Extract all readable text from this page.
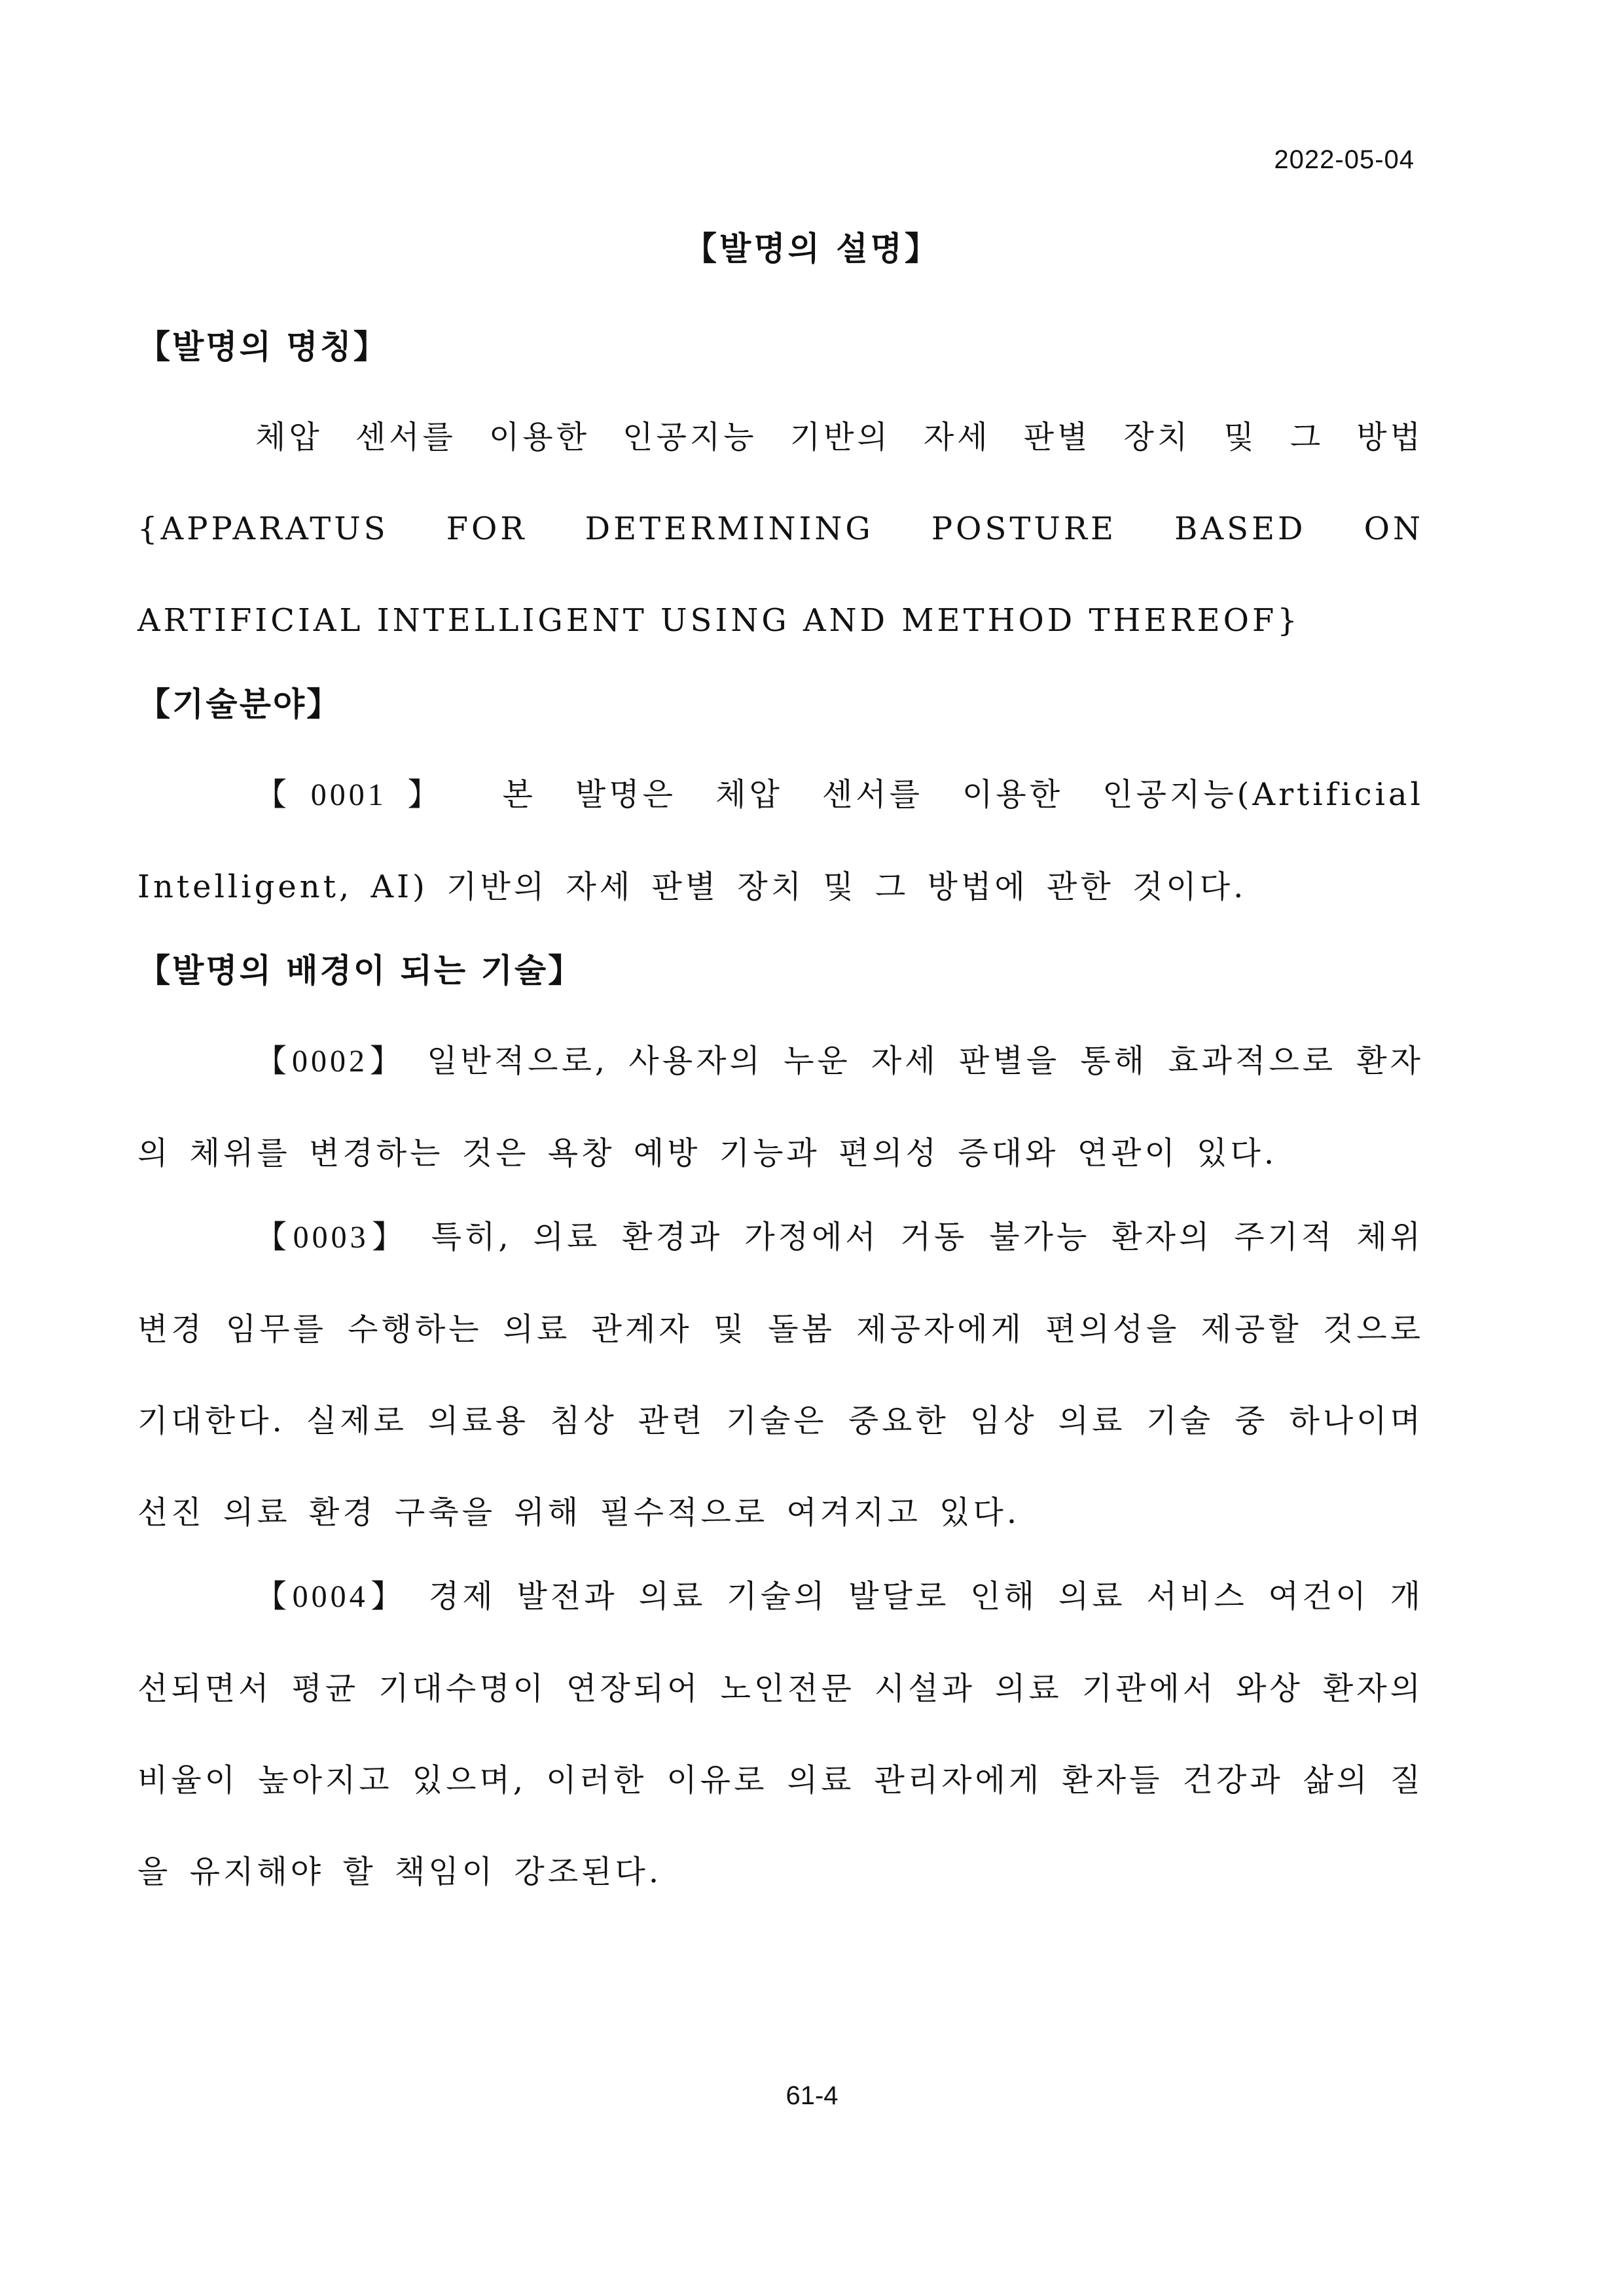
2022-05-04
【발명의 설명】
【발명의 명칭】

체압 센서를 이용한 인공지능 기반의 자세 판별 장치 및 그 방법{APPARATUS FOR DETERMINING POSTURE BASED ON ARTIFICIAL INTELLIGENT USING AND METHOD THEREOF}

【기술분야】

【0001】 본 발명은 체압 센서를 이용한 인공지능(Artificial Intelligent, AI) 기반의 자세 판별 장치 및 그 방법에 관한 것이다.

【발명의 배경이 되는 기술】

【0002】 일반적으로, 사용자의 누운 자세 판별을 통해 효과적으로 환자의 체위를 변경하는 것은 욕창 예방 기능과 편의성 증대와 연관이 있다.

【0003】 특히, 의료 환경과 가정에서 거동 불가능 환자의 주기적 체위 변경 임무를 수행하는 의료 관계자 및 돌봄 제공자에게 편의성을 제공할 것으로 기대한다. 실제로 의료용 침상 관련 기술은 중요한 임상 의료 기술 중 하나이며 선진 의료 환경 구축을 위해 필수적으로 여겨지고 있다.

【0004】 경제 발전과 의료 기술의 발달로 인해 의료 서비스 여건이 개선되면서 평균 기대수명이 연장되어 노인전문 시설과 의료 기관에서 와상 환자의 비율이 높아지고 있으며, 이러한 이유로 의료 관리자에게 환자들 건강과 삶의 질을 유지해야 할 책임이 강조된다.

61-4
